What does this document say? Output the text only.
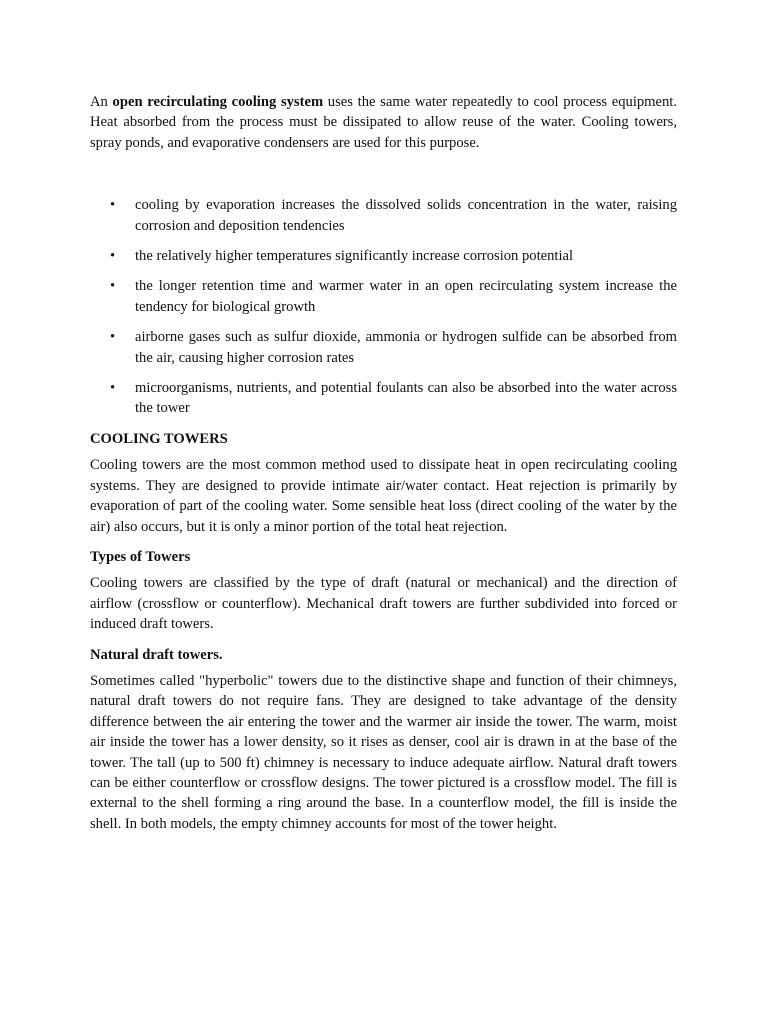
An open recirculating cooling system uses the same water repeatedly to cool process equipment. Heat absorbed from the process must be dissipated to allow reuse of the water. Cooling towers, spray ponds, and evaporative condensers are used for this purpose.

• cooling by evaporation increases the dissolved solids concentration in the water, raising corrosion and deposition tendencies
• the relatively higher temperatures significantly increase corrosion potential
• the longer retention time and warmer water in an open recirculating system increase the tendency for biological growth
• airborne gases such as sulfur dioxide, ammonia or hydrogen sulfide can be absorbed from the air, causing higher corrosion rates
• microorganisms, nutrients, and potential foulants can also be absorbed into the water across the tower
COOLING TOWERS

Cooling towers are the most common method used to dissipate heat in open recirculating cooling systems. They are designed to provide intimate air/water contact. Heat rejection is primarily by evaporation of part of the cooling water. Some sensible heat loss (direct cooling of the water by the air) also occurs, but it is only a minor portion of the total heat rejection.

Types of Towers

Cooling towers are classified by the type of draft (natural or mechanical) and the direction of airflow (crossflow or counterflow). Mechanical draft towers are further subdivided into forced or induced draft towers.

Natural draft towers.

Sometimes called "hyperbolic" towers due to the distinctive shape and function of their chimneys, natural draft towers do not require fans. They are designed to take advantage of the density difference between the air entering the tower and the warmer air inside the tower. The warm, moist air inside the tower has a lower density, so it rises as denser, cool air is drawn in at the base of the tower. The tall (up to 500 ft) chimney is necessary to induce adequate airflow. Natural draft towers can be either counterflow or crossflow designs. The tower pictured is a crossflow model. The fill is external to the shell forming a ring around the base. In a counterflow model, the fill is inside the shell. In both models, the empty chimney accounts for most of the tower height.
